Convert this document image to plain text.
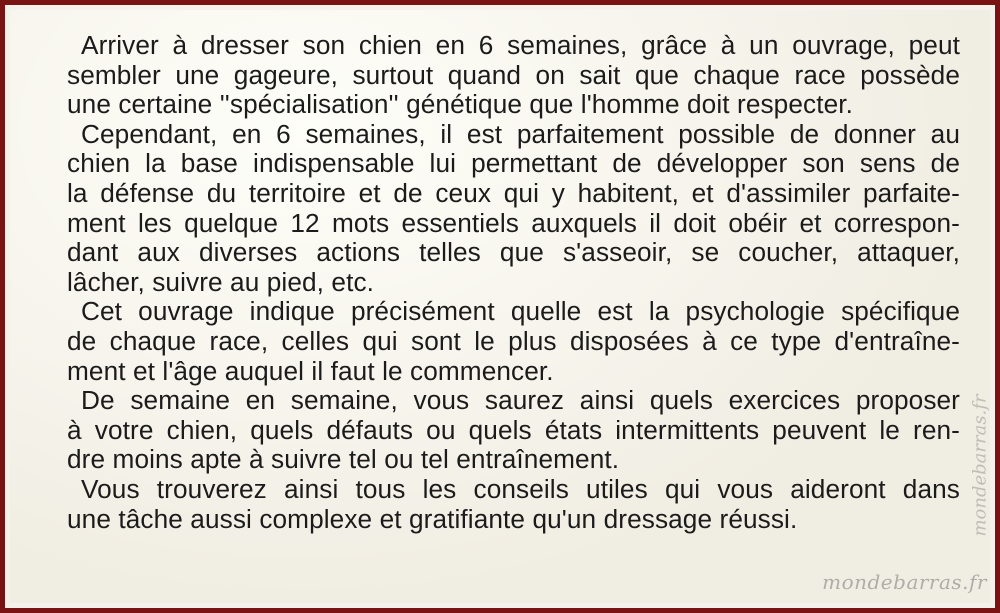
Arriver à dresser son chien en 6 semaines, grâce à un ouvrage, peut
sembler une gageure, surtout quand on sait que chaque race possède
une certaine ''spécialisation'' génétique que l'homme doit respecter.

Cependant, en 6 semaines, il est parfaitement possible de donner au
chien la base indispensable lui permettant de développer son sens de
la défense du territoire et de ceux qui y habitent, et d'assimiler parfaite-
ment les quelque 12 mots essentiels auxquels il doit obéir et correspon-
dant aux diverses actions telles que s'asseoir, se coucher, attaquer,
lâcher, suivre au pied, etc.

Cet ouvrage indique précisément quelle est la psychologie spécifique
de chaque race, celles qui sont le plus disposées à ce type d'entraîne-
ment et l'âge auquel il faut le commencer.

De semaine en semaine, vous saurez ainsi quels exercices proposer
à votre chien, quels défauts ou quels états intermittents peuvent le ren-
dre moins apte à suivre tel ou tel entraînement.

Vous trouverez ainsi tous les conseils utiles qui vous aideront dans
une tâche aussi complexe et gratifiante qu'un dressage réussi.

mondebarras.fr
mondebarras.fr
